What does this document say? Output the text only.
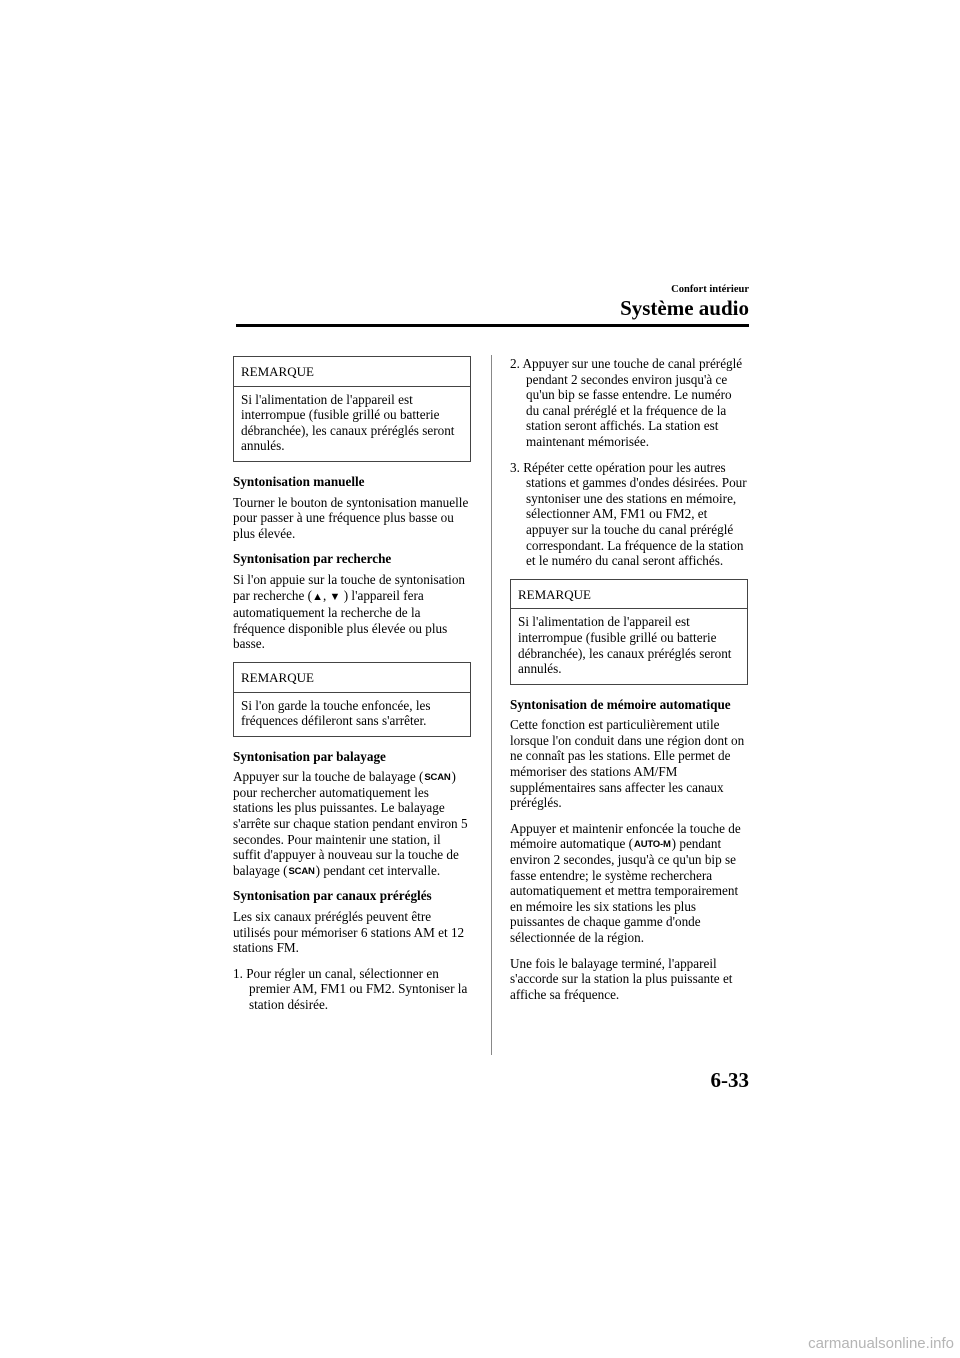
Confort intérieur
Système audio
REMARQUE
Si l'alimentation de l'appareil est interrompue (fusible grillé ou batterie débranchée), les canaux préréglés seront annulés.
Syntonisation manuelle

Tourner le bouton de syntonisation manuelle pour passer à une fréquence plus basse ou plus élevée.

Syntonisation par recherche

Si l'on appuie sur la touche de syntonisation par recherche (▲, ▼ ) l'appareil fera automatiquement la recherche de la fréquence disponible plus élevée ou plus basse.

REMARQUE
Si l'on garde la touche enfoncée, les fréquences défileront sans s'arrêter.
Syntonisation par balayage

Appuyer sur la touche de balayage (SCAN) pour rechercher automatiquement les stations les plus puissantes. Le balayage s'arrête sur chaque station pendant environ 5 secondes. Pour maintenir une station, il suffit d'appuyer à nouveau sur la touche de balayage (SCAN) pendant cet intervalle.

Syntonisation par canaux préréglés

Les six canaux préréglés peuvent être utilisés pour mémoriser 6 stations AM et 12 stations FM.

1. Pour régler un canal, sélectionner en premier AM, FM1 ou FM2. Syntoniser la station désirée.
2. Appuyer sur une touche de canal préréglé pendant 2 secondes environ jusqu'à ce qu'un bip se fasse entendre. Le numéro du canal préréglé et la fréquence de la station seront affichés. La station est maintenant mémorisée.
3. Répéter cette opération pour les autres stations et gammes d'ondes désirées. Pour syntoniser une des stations en mémoire, sélectionner AM, FM1 ou FM2, et appuyer sur la touche du canal préréglé correspondant. La fréquence de la station et le numéro du canal seront affichés.
REMARQUE
Si l'alimentation de l'appareil est interrompue (fusible grillé ou batterie débranchée), les canaux préréglés seront annulés.
Syntonisation de mémoire automatique

Cette fonction est particulièrement utile lorsque l'on conduit dans une région dont on ne connaît pas les stations. Elle permet de mémoriser des stations AM/FM supplémentaires sans affecter les canaux préréglés.

Appuyer et maintenir enfoncée la touche de mémoire automatique (AUTO-M) pendant environ 2 secondes, jusqu'à ce qu'un bip se fasse entendre; le système recherchera automatiquement et mettra temporairement en mémoire les six stations les plus puissantes de chaque gamme d'onde sélectionnée de la région.

Une fois le balayage terminé, l'appareil s'accorde sur la station la plus puissante et affiche sa fréquence.

6-33
carmanualsonline.info
